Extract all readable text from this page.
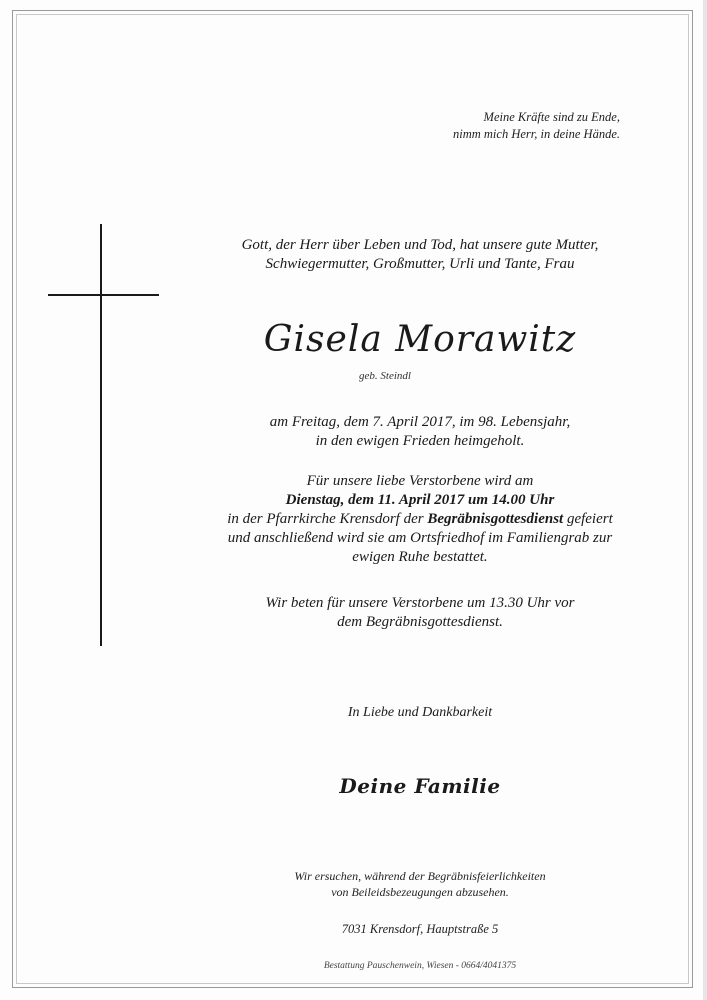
Meine Kräfte sind zu Ende,
nimm mich Herr, in deine Hände.
Gott, der Herr über Leben und Tod, hat unsere gute Mutter,
Schwiegermutter, Großmutter, Urli und Tante, Frau
Gisela Morawitz
geb. Steindl
am Freitag, dem 7. April 2017, im 98. Lebensjahr,
in den ewigen Frieden heimgeholt.
Für unsere liebe Verstorbene wird am
Dienstag, dem 11. April 2017 um 14.00 Uhr
in der Pfarrkirche Krensdorf der Begräbnisgottesdienst gefeiert
und anschließend wird sie am Ortsfriedhof im Familiengrab zur
ewigen Ruhe bestattet.
Wir beten für unsere Verstorbene um 13.30 Uhr vor
dem Begräbnisgottesdienst.
In Liebe und Dankbarkeit
Deine Familie
Wir ersuchen, während der Begräbnisfeierlichkeiten
von Beileidsbezeugungen abzusehen.
7031 Krensdorf, Hauptstraße 5
Bestattung Pauschenwein, Wiesen - 0664/4041375
